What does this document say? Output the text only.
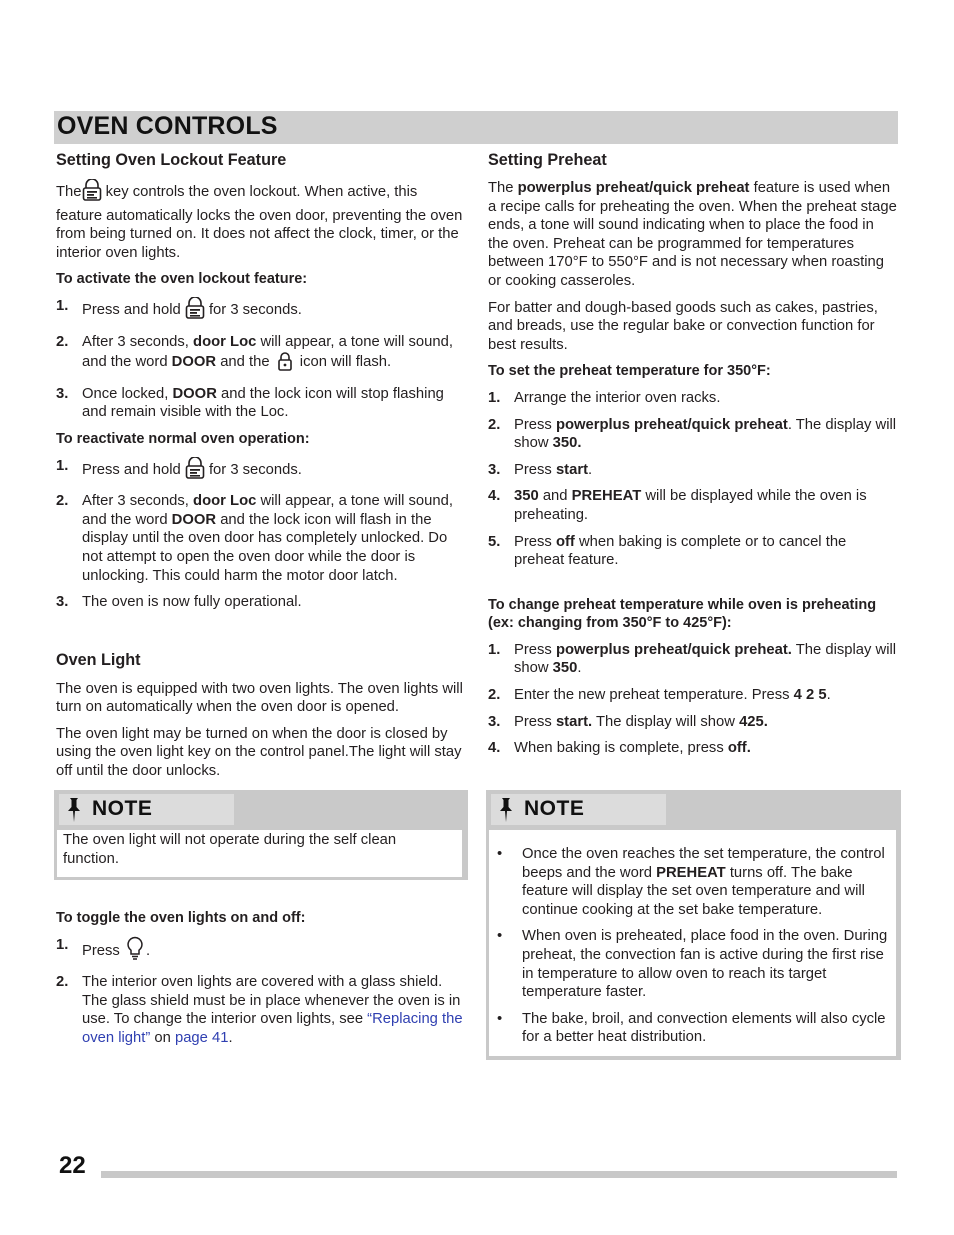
OVEN CONTROLS
Setting Oven Lockout Feature

The key controls the oven lockout. When active, this feature automatically locks the oven door, preventing the oven from being turned on. It does not affect the clock, timer, or the interior oven lights.

To activate the oven lockout feature:

1. Press and hold  for 3 seconds.
2. After 3 seconds, door Loc will appear, a tone will sound, and the word DOOR and the  icon will flash.
3. Once locked, DOOR and the lock icon will stop flashing and remain visible with the Loc.

To reactivate normal oven operation:

1. Press and hold  for 3 seconds.
2. After 3 seconds, door Loc will appear, a tone will sound, and the word DOOR and the lock icon will flash in the display until the oven door has completely unlocked. Do not attempt to open the oven door while the door is unlocking. This could harm the motor door latch.
3. The oven is now fully operational.
Oven Light

The oven is equipped with two oven lights. The oven lights will turn on automatically when the oven door is opened.

The oven light may be turned on when the door is closed by using the oven light key on the control panel.The light will stay off until the door unlocks.

NOTE

The oven light will not operate during the self clean function.

To toggle the oven lights on and off:

1. Press .
2. The interior oven lights are covered with a glass shield. The glass shield must be in place whenever the oven is in use. To change the interior oven lights, see “Replacing the oven light” on page 41.
Setting Preheat

The powerplus preheat/quick preheat feature is used when a recipe calls for preheating the oven. When the preheat stage ends, a tone will sound indicating when to place the food in the oven. Preheat can be programmed for temperatures between 170°F to 550°F and is not necessary when roasting or cooking casseroles.

For batter and dough-based goods such as cakes, pastries, and breads, use the regular bake or convection function for best results.

To set the preheat temperature for 350°F:

1. Arrange the interior oven racks.
2. Press powerplus preheat/quick preheat. The display will show 350.
3. Press start.
4. 350 and PREHEAT will be displayed while the oven is preheating.
5. Press off when baking is complete or to cancel the preheat feature.

To change preheat temperature while oven is preheating (ex: changing from 350°F to 425°F):

1. Press powerplus preheat/quick preheat. The display will show 350.
2. Enter the new preheat temperature. Press 4 2 5.
3. Press start. The display will show 425.
4. When baking is complete, press off.
NOTE
• Once the oven reaches the set temperature, the control beeps and the word PREHEAT turns off. The bake feature will display the set oven temperature and will continue cooking at the set bake temperature.
• When oven is preheated, place food in the oven. During preheat, the convection fan is active during the first rise in temperature to allow oven to reach its target temperature faster.
• The bake, broil, and convection elements will also cycle for a better heat distribution.
22
